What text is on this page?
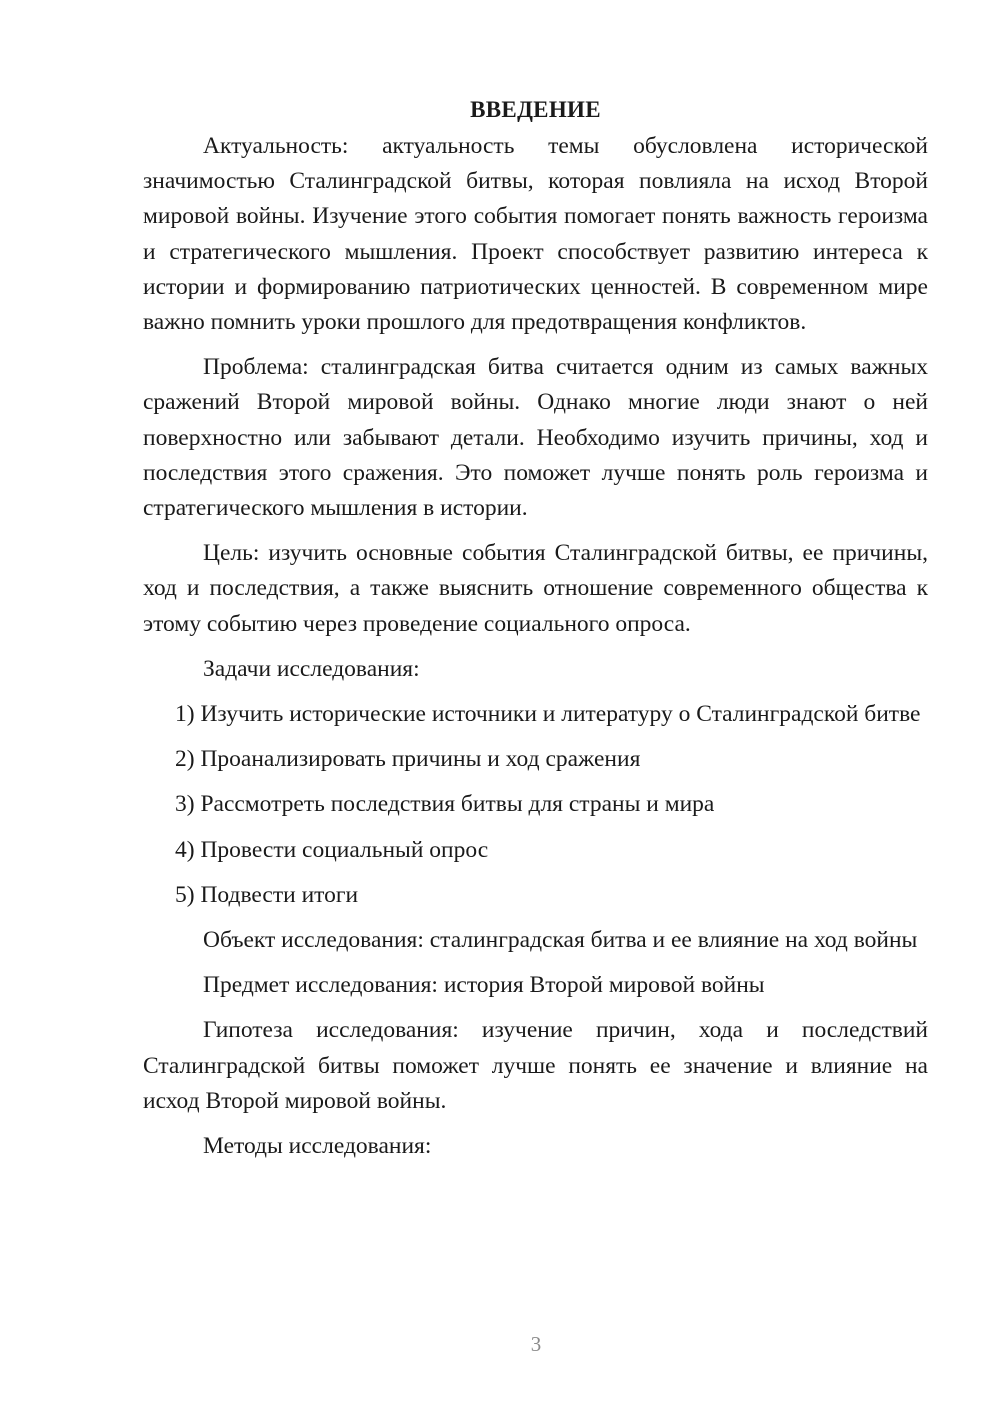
ВВЕДЕНИЕ

Актуальность: актуальность темы обусловлена исторической значимостью Сталинградской битвы, которая повлияла на исход Второй мировой войны. Изучение этого события помогает понять важность героизма и стратегического мышления. Проект способствует развитию интереса к истории и формированию патриотических ценностей. В современном мире важно помнить уроки прошлого для предотвращения конфликтов.

Проблема: сталинградская битва считается одним из самых важных сражений Второй мировой войны. Однако многие люди знают о ней поверхностно или забывают детали. Необходимо изучить причины, ход и последствия этого сражения. Это поможет лучше понять роль героизма и стратегического мышления в истории.

Цель: изучить основные события Сталинградской битвы, ее причины, ход и последствия, а также выяснить отношение современного общества к этому событию через проведение социального опроса.

Задачи исследования:

1) Изучить исторические источники и литературу о Сталинградской битве

2) Проанализировать причины и ход сражения

3) Рассмотреть последствия битвы для страны и мира

4) Провести социальный опрос

5) Подвести итоги

Объект исследования: сталинградская битва и ее влияние на ход войны

Предмет исследования: история Второй мировой войны

Гипотеза исследования: изучение причин, хода и последствий Сталинградской битвы поможет лучше понять ее значение и влияние на исход Второй мировой войны.

Методы исследования:

3
